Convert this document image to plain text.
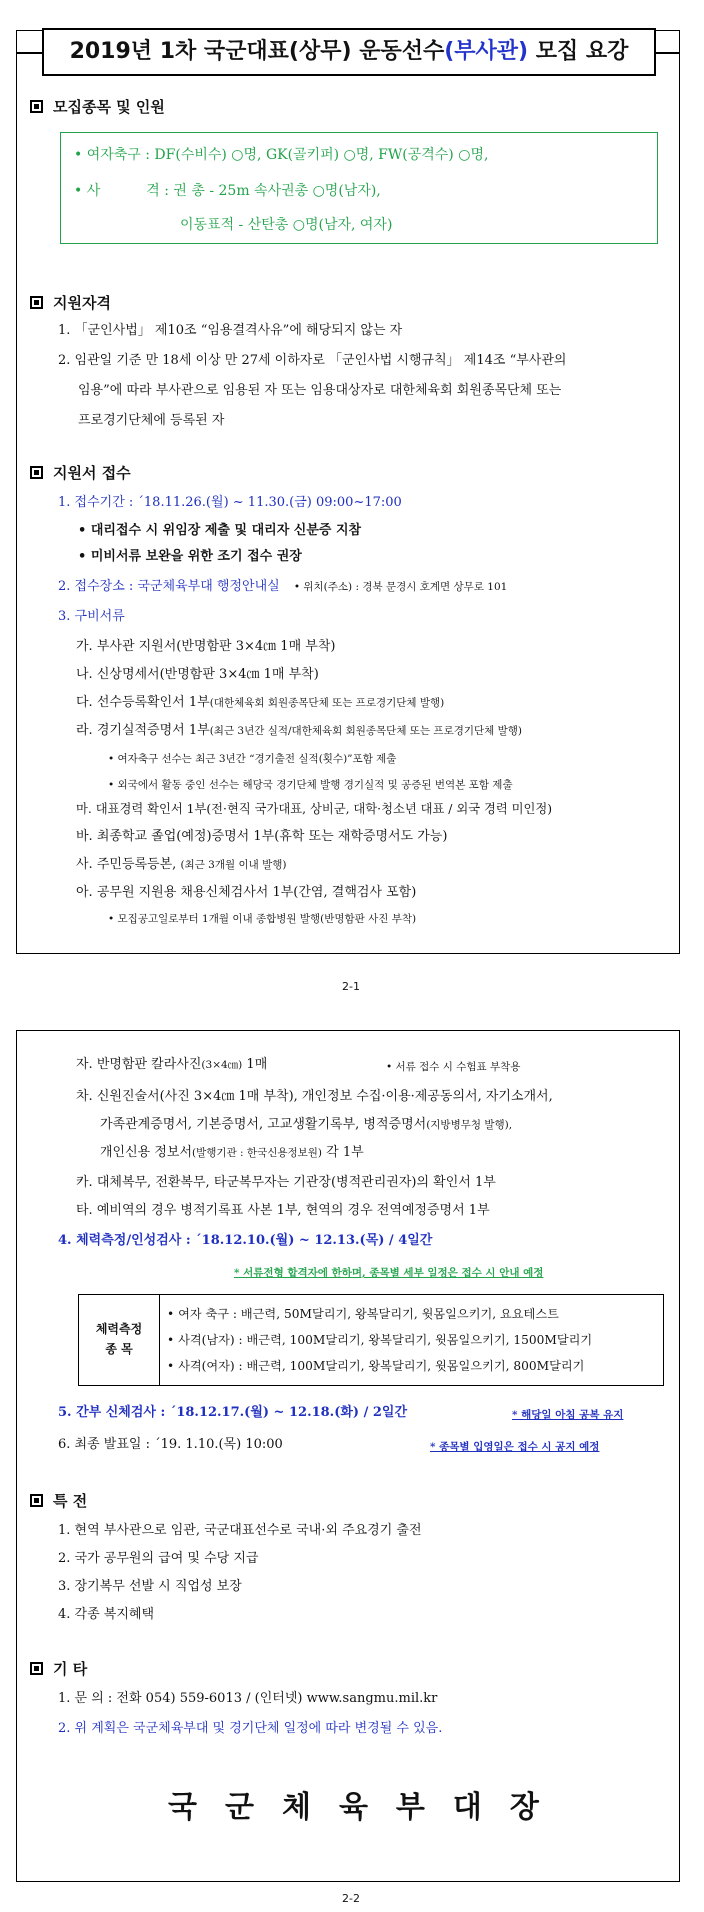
2019년 1차 국군대표(상무) 운동선수(부사관) 모집 요강
모집종목 및 인원
• 여자축구 : DF(수비수) ○명, GK(골키퍼) ○명, FW(공격수) ○명,
• 사	격 : 권 총 - 25m 속사권총 ○명(남자),
이동표적 - 산탄총 ○명(남자, 여자)
지원자격
1. 「군인사법」 제10조 “임용결격사유”에 해당되지 않는 자
2. 임관일 기준 만 18세 이상 만 27세 이하자로 「군인사법 시행규칙」 제14조 “부사관의
임용”에 따라 부사관으로 임용된 자 또는 임용대상자로 대한체육회 회원종목단체 또는
프로경기단체에 등록된 자
지원서 접수
1. 접수기간 : ´18.11.26.(월) ~ 11.30.(금) 09:00~17:00
• 대리접수 시 위임장 제출 및 대리자 신분증 지참
• 미비서류 보완을 위한 조기 접수 권장
2. 접수장소 : 국군체육부대 행정안내실 • 위치(주소) : 경북 문경시 호계면 상무로 101
3. 구비서류
가. 부사관 지원서(반명함판 3×4㎝ 1매 부착)
나. 신상명세서(반명함판 3×4㎝ 1매 부착)
다. 선수등록확인서 1부(대한체육회 회원종목단체 또는 프로경기단체 발행)
라. 경기실적증명서 1부(최근 3년간 실적/대한체육회 회원종목단체 또는 프로경기단체 발행)
• 여자축구 선수는 최근 3년간 “경기출전 실적(횟수)”포함 제출
• 외국에서 활동 중인 선수는 해당국 경기단체 발행 경기실적 및 공증된 번역본 포함 제출
마. 대표경력 확인서 1부(전·현직 국가대표, 상비군, 대학·청소년 대표 / 외국 경력 미인정)
바. 최종학교 졸업(예정)증명서 1부(휴학 또는 재학증명서도 가능)
사. 주민등록등본, (최근 3개월 이내 발행)
아. 공무원 지원용 채용신체검사서 1부(간염, 결핵검사 포함)
• 모집공고일로부터 1개월 이내 종합병원 발행(반명함판 사진 부착)
2-1
자. 반명함판 칼라사진(3×4㎝) 1매	• 서류 접수 시 수험표 부착용
차. 신원진술서(사진 3×4㎝ 1매 부착), 개인정보 수집·이용·제공동의서, 자기소개서,
가족관계증명서, 기본증명서, 고교생활기록부, 병적증명서(지방병무청 발행),
개인신용 정보서(발행기관 : 한국신용정보원) 각 1부
카. 대체복무, 전환복무, 타군복무자는 기관장(병적관리권자)의 확인서 1부
타. 예비역의 경우 병적기록표 사본 1부, 현역의 경우 전역예정증명서 1부
4. 체력측정/인성검사 : ´18.12.10.(월) ~ 12.13.(목) / 4일간
* 서류전형 합격자에 한하며, 종목별 세부 일정은 접수 시 안내 예정
체력측정
종 목
• 여자 축구 : 배근력, 50M달리기, 왕복달리기, 윗몸일으키기, 요요테스트
• 사격(남자) : 배근력, 100M달리기, 왕복달리기, 윗몸일으키기, 1500M달리기
• 사격(여자) : 배근력, 100M달리기, 왕복달리기, 윗몸일으키기, 800M달리기
5. 간부 신체검사 : ´18.12.17.(월) ~ 12.18.(화) / 2일간	* 해당일 아침 공복 유지
6. 최종 발표일 : ´19. 1.10.(목) 10:00	* 종목별 입영일은 접수 시 공지 예정
특 전
1. 현역 부사관으로 임관, 국군대표선수로 국내·외 주요경기 출전
2. 국가 공무원의 급여 및 수당 지급
3. 장기복무 선발 시 직업성 보장
4. 각종 복지혜택
기 타
1. 문 의 : 전화 054) 559-6013 / (인터넷) www.sangmu.mil.kr
2. 위 계획은 국군체육부대 및 경기단체 일정에 따라 변경될 수 있음.
국군체육부대장
2-2
